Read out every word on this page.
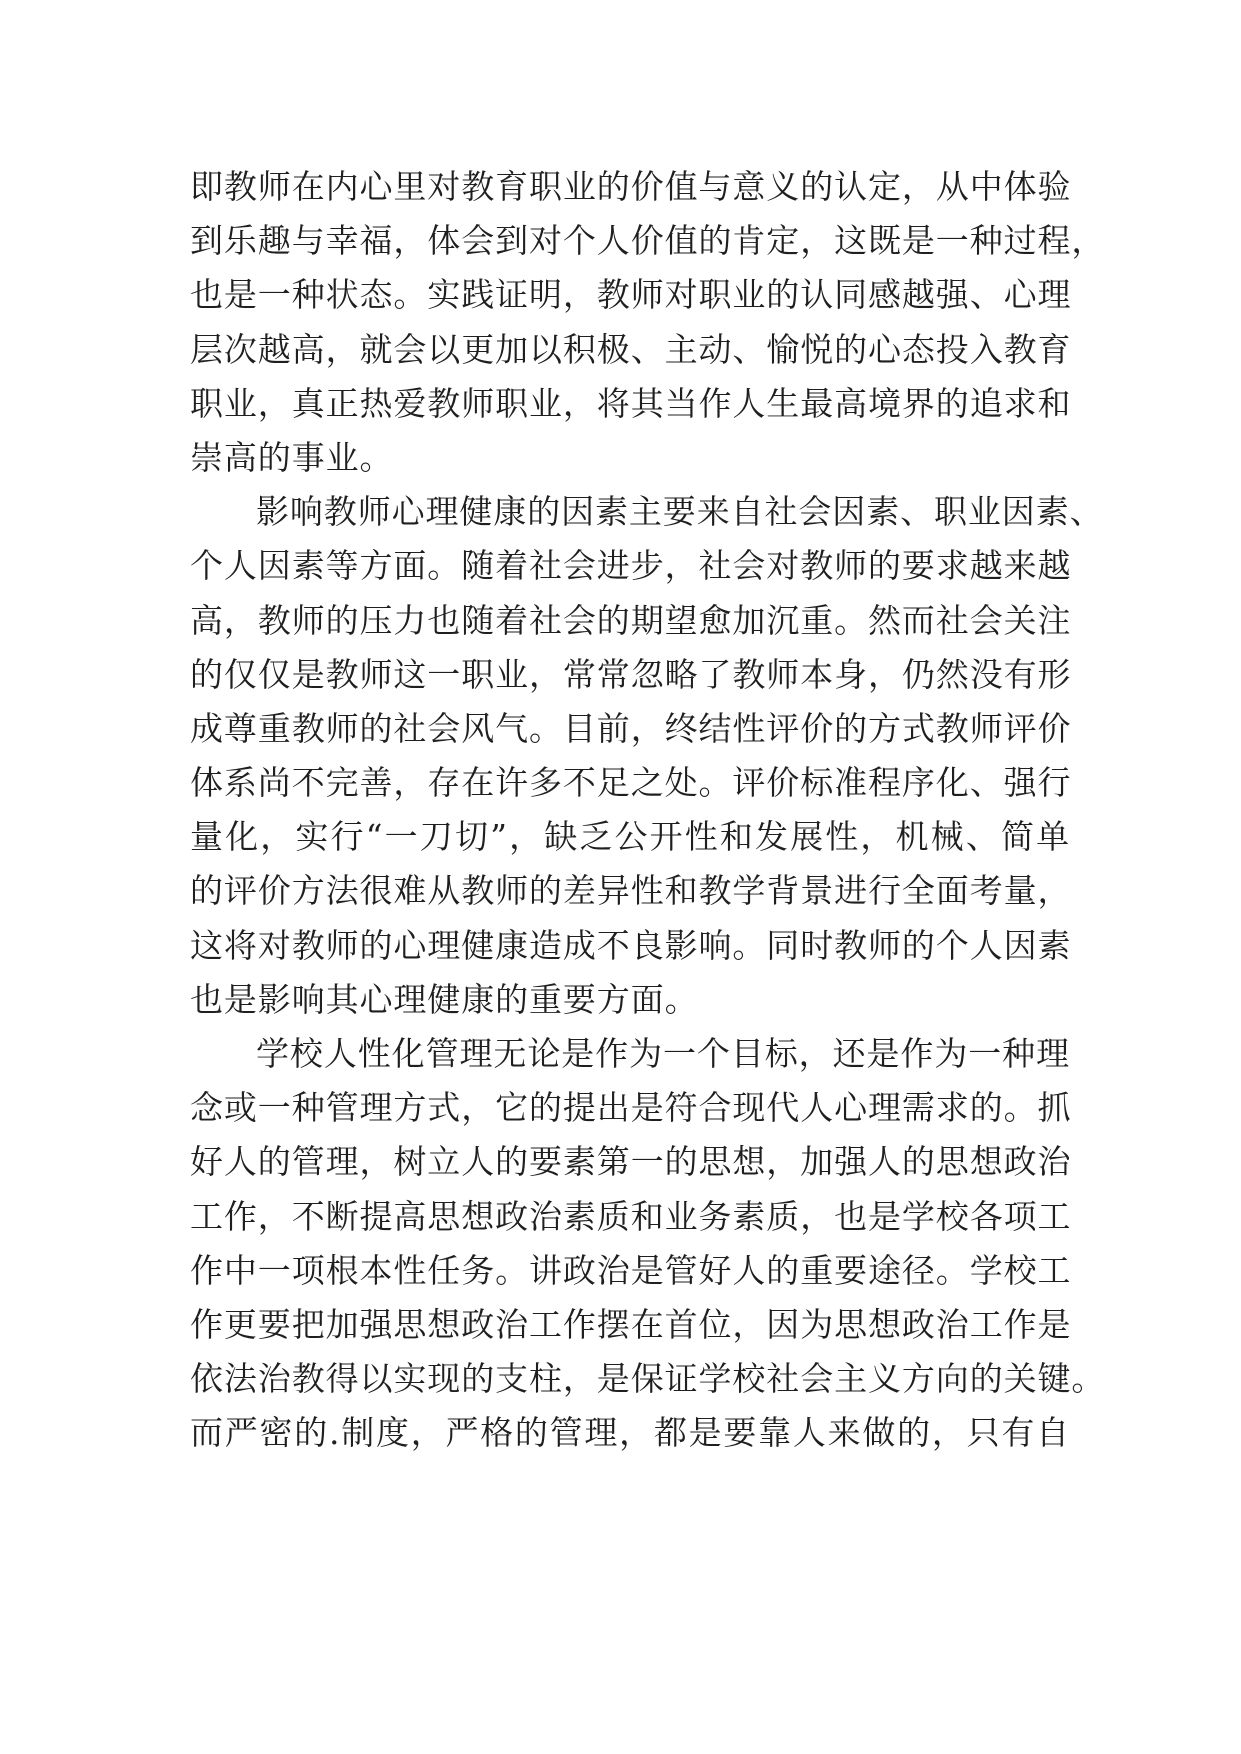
即教师在内心里对教育职业的价值与意义的认定，从中体验
到乐趣与幸福，体会到对个人价值的肯定，这既是一种过程，
也是一种状态。实践证明，教师对职业的认同感越强、心理
层次越高，就会以更加以积极、主动、愉悦的心态投入教育
职业，真正热爱教师职业，将其当作人生最高境界的追求和
崇高的事业。
影响教师心理健康的因素主要来自社会因素、职业因素、
个人因素等方面。随着社会进步，社会对教师的要求越来越
高，教师的压力也随着社会的期望愈加沉重。然而社会关注
的仅仅是教师这一职业，常常忽略了教师本身，仍然没有形
成尊重教师的社会风气。目前，终结性评价的方式教师评价
体系尚不完善，存在许多不足之处。评价标准程序化、强行
量化，实行“一刀切”，缺乏公开性和发展性，机械、简单
的评价方法很难从教师的差异性和教学背景进行全面考量，
这将对教师的心理健康造成不良影响。同时教师的个人因素
也是影响其心理健康的重要方面。
学校人性化管理无论是作为一个目标，还是作为一种理
念或一种管理方式，它的提出是符合现代人心理需求的。抓
好人的管理，树立人的要素第一的思想，加强人的思想政治
工作，不断提高思想政治素质和业务素质，也是学校各项工
作中一项根本性任务。讲政治是管好人的重要途径。学校工
作更要把加强思想政治工作摆在首位，因为思想政治工作是
依法治教得以实现的支柱，是保证学校社会主义方向的关键。
而严密的.制度，严格的管理，都是要靠人来做的，只有自
